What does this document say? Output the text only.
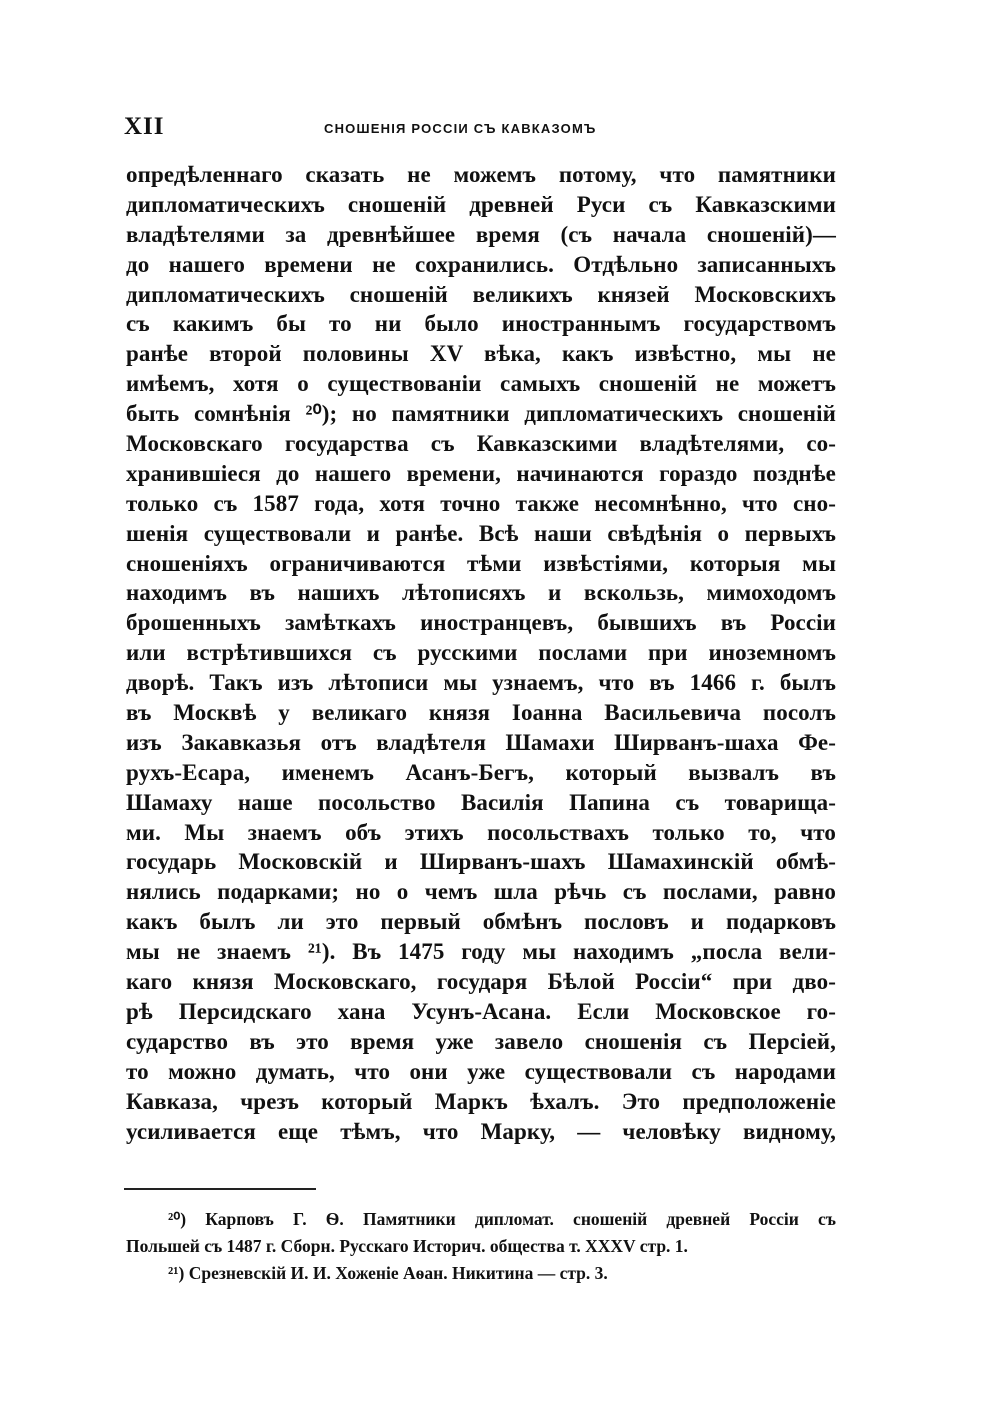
XII	СНОШЕНІЯ РОССІИ СЪ КАВКАЗОМЪ
опредѣленнаго сказать не можемъ потому, что памятники
дипломатическихъ сношеній древней Руси съ Кавказскими
владѣтелями за древнѣйшее время (съ начала сношеній)—
до нашего времени не сохранились. Отдѣльно записанныхъ
дипломатическихъ сношеній великихъ князей Московскихъ
съ какимъ бы то ни было иностраннымъ государствомъ
ранѣе второй половины XV вѣка, какъ извѣстно, мы не
имѣемъ, хотя о существованіи самыхъ сношеній не можетъ
быть сомнѣнія ²⁰); но памятники дипломатическихъ сношеній
Московскаго государства съ Кавказскими владѣтелями, со-
хранившіеся до нашего времени, начинаются гораздо позднѣе
только съ 1587 года, хотя точно также несомнѣнно, что сно-
шенія существовали и ранѣе. Всѣ наши свѣдѣнія о первыхъ
сношеніяхъ ограничиваются тѣми извѣстіями, которыя мы
находимъ въ нашихъ лѣтописяхъ и вскользь, мимоходомъ
брошенныхъ замѣткахъ иностранцевъ, бывшихъ въ Россіи
или встрѣтившихся съ русскими послами при иноземномъ
дворѣ. Такъ изъ лѣтописи мы узнаемъ, что въ 1466 г. былъ
въ Москвѣ у великаго князя Іоанна Васильевича посолъ
изъ Закавказья отъ владѣтеля Шамахи Ширванъ-шаха Фе-
рухъ-Есара, именемъ Асанъ-Бегъ, который вызвалъ въ
Шамаху наше посольство Василія Папина съ товарища-
ми. Мы знаемъ объ этихъ посольствахъ только то, что
государь Московскій и Ширванъ-шахъ Шамахинскій обмѣ-
нялись подарками; но о чемъ шла рѣчь съ послами, равно
какъ былъ ли это первый обмѣнъ пословъ и подарковъ
мы не знаемъ ²¹). Въ 1475 году мы находимъ „посла вели-
каго князя Московскаго, государя Бѣлой Россіи“ при дво-
рѣ Персидскаго хана Усунъ-Асана. Если Московское го-
сударство въ это время уже завело сношенія съ Персіей,
то можно думать, что они уже существовали съ народами
Кавказа, чрезъ который Маркъ ѣхалъ. Это предположеніе
усиливается еще тѣмъ, что Марку, — человѣку видному,
²⁰) Карповъ Г. Ѳ. Памятники дипломат. сношеній древней Россіи съ
Польшей съ 1487 г. Сборн. Русскаго Историч. общества т. XXXV стр. 1.
²¹) Срезневскій И. И. Хоженіе Аѳан. Никитина — стр. 3.
